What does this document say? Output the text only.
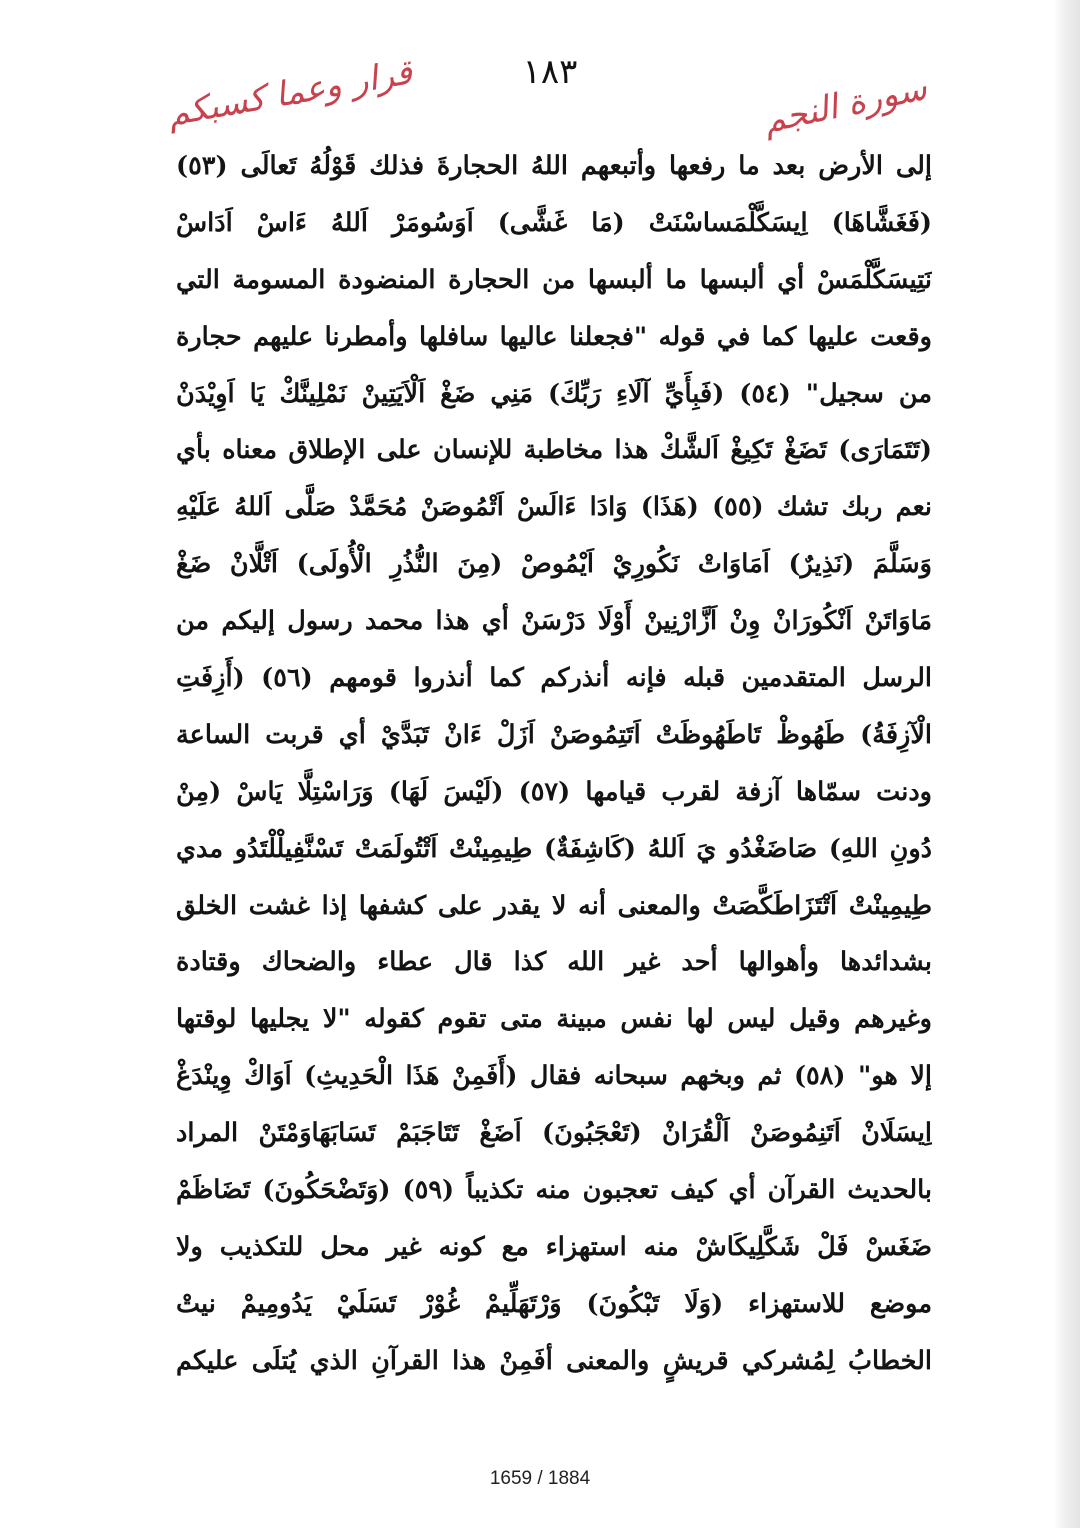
قرار وعما كسبكم	١٨٣	سورة النجم
إلى الأرض بعد ما رفعها وأتبعهم اللهُ الحجارةَ فذلك قَوْلُهُ تَعالَى (٥٣)
(فَغَشَّاهَا) اِيسَكَّلْمَساسْنَتْ (مَا غَشَّى) اَوَسُومَرْ اَللهُ ءَاسْ اَدَاسْ
نَتِيسَكَّلْمَسْ أي ألبسها ما ألبسها من الحجارة المنضودة المسومة التي
وقعت عليها كما في قوله "فجعلنا عاليها سافلها وأمطرنا عليهم حجارة
من سجيل" (٥٤) (فَبِأَيِّ آلَاءِ رَبِّكَ) مَنِي ضَغْ اَلْاَيَتِينْ نَمْلِينَّكْ يَا اَوِيْدَنْ
(تَتَمَارَى) تَضَغْ تَكِيغْ اَلشَّكْ هذا مخاطبة للإنسان على الإطلاق معناه بأي
نعم ربك تشك (٥٥) (هَذَا) وَادَا ءَالَسْ اَتْمُوصَنْ مُحَمَّدْ صَلَّى اَللهُ عَلَيْهِ
وَسَلَّمَ (نَذِيرٌ) اَمَاوَاتْ نَكُورِيْ اَيْمُوصْ (مِنَ النُّذُرِ الْأُولَى) اَتْلَّانْ ضَغْ
مَاوَاتَنْ اَنْكُورَانْ وِنْ اَزَّارْنِينْ أَوْلَا دَرْسَنْ أي هذا محمد رسول إليكم من
الرسل المتقدمين قبله فإنه أنذركم كما أنذروا قومهم (٥٦) (أَزِفَتِ
الْآزِفَةُ) طَهُوظْ تَاطَهُوظَتْ اَتَتِمُوصَنْ اَزَلْ ءَانْ تَبَدَّيْ أي قربت الساعة
ودنت سمّاها آزفة لقرب قيامها (٥٧) (لَيْسَ لَهَا) وَرَاسْتِلَّا يَاسْ (مِنْ
دُونِ اللهِ) صَاضَغْدُو يَ اَللهُ (كَاشِفَةٌ) طِيمِينْتْ اَتْتُولَمَتْ تَسْنَّفِيلْلْتَدُو مدي
طِيمِينْتْ اَتْتَزَاطَكَّصَتْ والمعنى أنه لا يقدر على كشفها إذا غشت الخلق
بشدائدها وأهوالها أحد غير الله كذا قال عطاء والضحاك وقتادة
وغيرهم وقيل ليس لها نفس مبينة متى تقوم كقوله "لا يجليها لوقتها
إلا هو" (٥٨) ثم وبخهم سبحانه فقال (أَفَمِنْ هَذَا الْحَدِيثِ) اَوَاكْ وِينْدَغْ
اِيسَلَانْ اَتَنِمُوصَنْ اَلْقُرَانْ (تَعْجَبُونَ) اَضَغْ تَتَاجَبَمْ تَسَابَهَاوَمْتَنْ المراد
بالحديث القرآن أي كيف تعجبون منه تكذيباً (٥٩) (وَتَضْحَكُونَ) تَضَاظَمْ
ضَغَسْ فَلْ شَكَّلِيكَاشْ منه استهزاء مع كونه غير محل للتكذيب ولا
موضع للاستهزاء (وَلَا تَبْكُونَ) وَرْتَهَلِّيمْ غُوْرْ تَسَلَيْ يَدُومِيمْ نيتْ
الخطابُ لِمُشركي قريشٍ والمعنى أفَمِنْ هذا القرآنِ الذي يُتلَى عليكم
1659 / 1884
